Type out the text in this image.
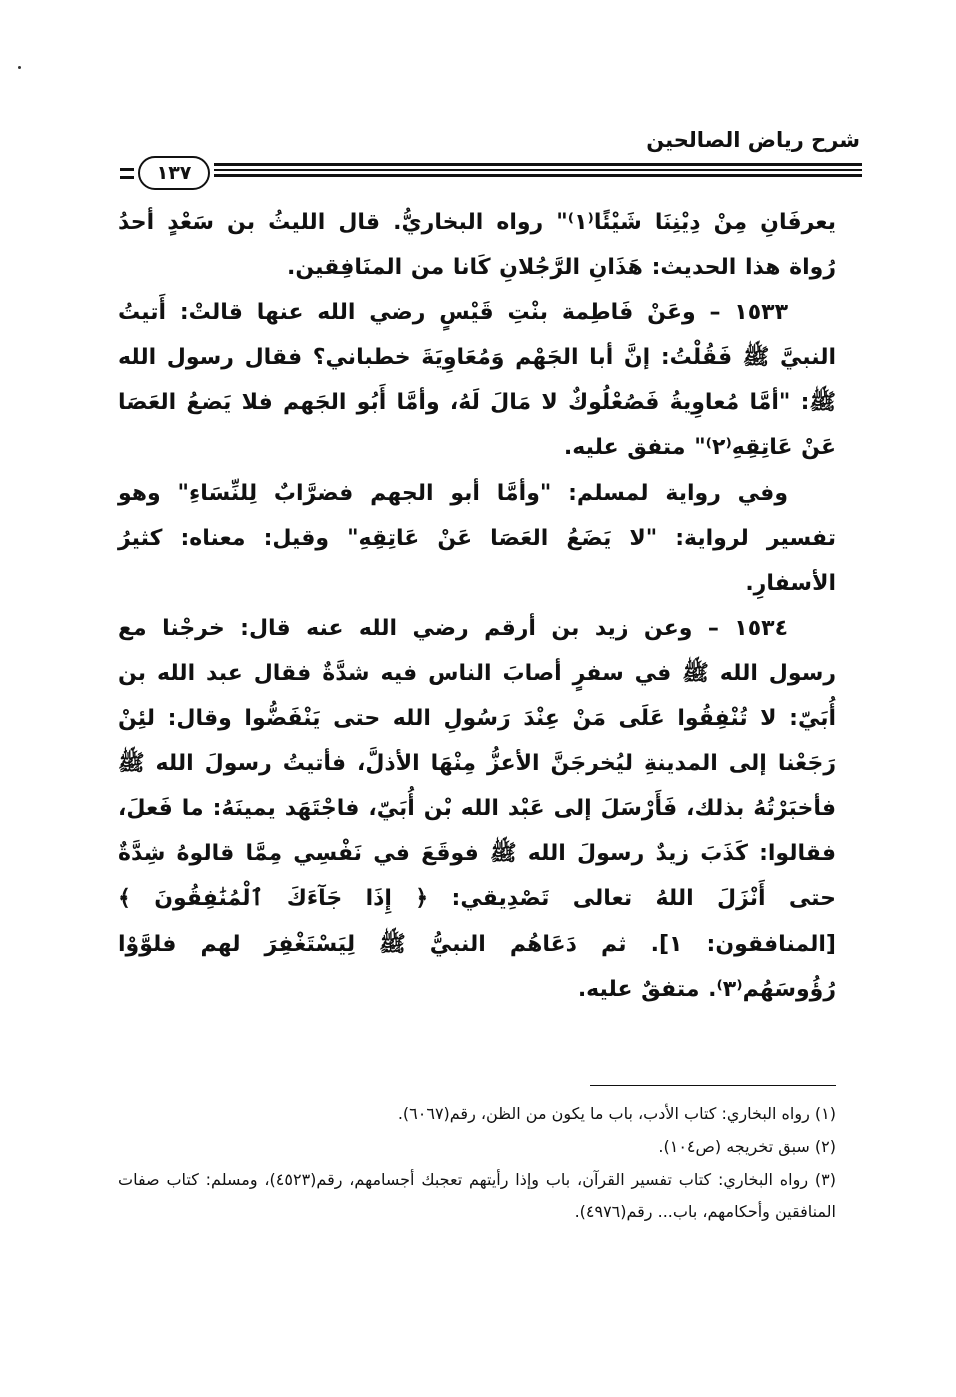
شرح رياض الصالحين
١٣٧

يعرفَانِ مِنْ دِيْنِنَا شَيْئًا⁽١⁾" رواه البخاريُّ. قال الليثُ بن سَعْدٍ أحدُ رُواة هذا الحديث: هَذَانِ الرَّجُلانِ كَانا من المنَافِقين.

١٥٣٣ – وعَنْ فَاطِمة بنْتِ قَيْسٍ رضي الله عنها قالتْ: أَتيتُ النبيَّ ﷺ فَقُلْتُ: إنَّ أبا الجَهْم وَمُعَاوِيَةَ خطباني؟ فقال رسول الله ﷺ: "أمَّا مُعاوِيةُ فَصُعْلُوكٌ لا مَالَ لَهُ، وأمَّا أَبُو الجَهم فلا يَضعُ العَصَا عَنْ عَاتِقِهِ⁽٢⁾" متفق عليه.

وفي رواية لمسلم: "وأمَّا أبو الجهم فضرَّابٌ لِلنِّسَاءِ" وهو تفسير لرواية: "لا يَضَعُ العَصَا عَنْ عَاتِقِهِ" وقيل: معناه: كثيرُ الأسفارِ.

١٥٣٤ – وعن زيد بن أرقم رضي الله عنه قال: خرجْنا مع رسول الله ﷺ في سفرٍ أصابَ الناس فيه شدَّةٌ فقال عبد الله بن أُبَيّ: لا تُنْفِقُوا عَلَى مَنْ عِنْدَ رَسُولِ الله حتى يَنْفَضُّوا وقال: لئِنْ رَجَعْنا إلى المدينةِ ليُخرجَنَّ الأعزُّ مِنْهَا الأذلَّ، فأتيتُ رسولَ الله ﷺ فأخبَرْتُهُ بذلك، فَأَرْسَلَ إلى عَبْد الله بْن أُبَيّ، فاجْتَهَد يمينَهُ: ما فَعلَ، فقالوا: كَذَبَ زيدٌ رسولَ الله ﷺ فوقَعَ في نَفْسِي مِمَّا قالوهُ شِدَّةٌ حتى أَنْزَلَ اللهُ تعالى تَصْدِيقي: ﴿ إِذَا جَآءَكَ ٱلْمُنَٰفِقُونَ ﴾ [المنافقون: ١]. ثم دَعَاهُم النبيُّ ﷺ لِيَسْتَغْفِرَ لهم فلوَّوْا رُؤُوسَهُم⁽٣⁾. متفقٌ عليه.

(١) رواه البخاري: كتاب الأدب، باب ما يكون من الظن، رقم(٦٠٦٧).

(٢) سبق تخريجه (ص١٠٤).

(٣) رواه البخاري: كتاب تفسير القرآن، باب وإذا رأيتهم تعجبك أجسامهم، رقم(٤٥٢٣)، ومسلم: كتاب صفات المنافقين وأحكامهم، باب... رقم(٤٩٧٦).
